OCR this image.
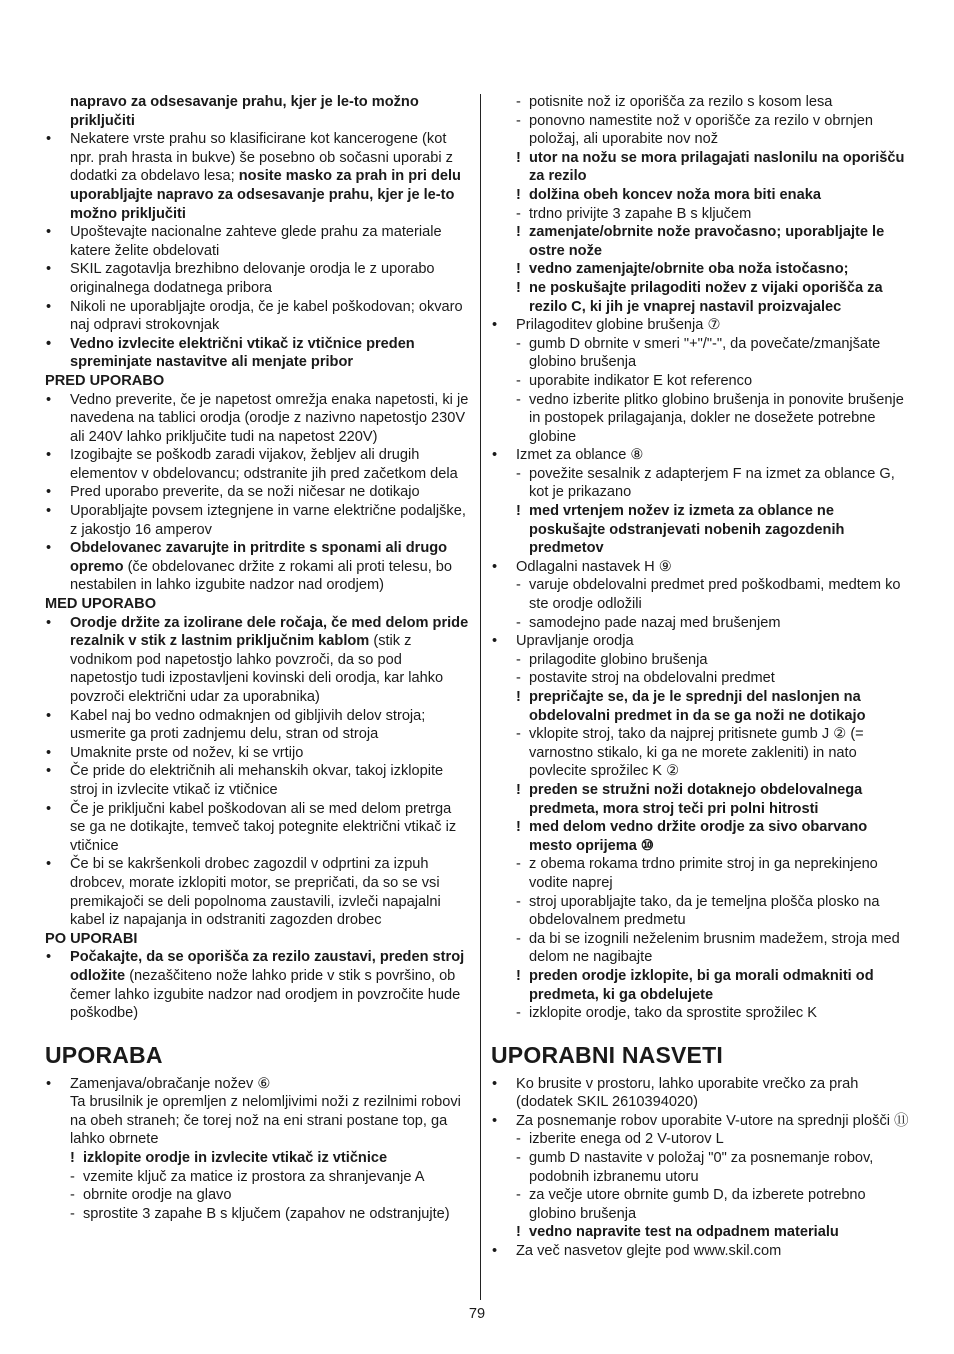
napravo za odsesavanje prahu, kjer je le-to možno priključiti
• Nekatere vrste prahu so klasificirane kot kancerogene (kot npr. prah hrasta in bukve) še posebno ob sočasni uporabi z dodatki za obdelavo lesa; nosite masko za prah in pri delu uporabljajte napravo za odsesavanje prahu, kjer je le-to možno priključiti
• Upoštevajte nacionalne zahteve glede prahu za materiale katere želite obdelovati
• SKIL zagotavlja brezhibno delovanje orodja le z uporabo originalnega dodatnega pribora
• Nikoli ne uporabljajte orodja, če je kabel poškodovan; okvaro naj odpravi strokovnjak
• Vedno izvlecite električni vtikač iz vtičnice preden spreminjate nastavitve ali menjate pribor
PRED UPORABO
• Vedno preverite, če je napetost omrežja enaka napetosti, ki je navedena na tablici orodja (orodje z nazivno napetostjo 230V ali 240V lahko priključite tudi na napetost 220V)
• Izogibajte se poškodb zaradi vijakov, žebljev ali drugih elementov v obdelovancu; odstranite jih pred začetkom dela
• Pred uporabo preverite, da se noži ničesar ne dotikajo
• Uporabljajte povsem iztegnjene in varne električne podaljške, z jakostjo 16 amperov
• Obdelovanec zavarujte in pritrdite s sponami ali drugo opremo (če obdelovanec držite z rokami ali proti telesu, bo nestabilen in lahko izgubite nadzor nad orodjem)
MED UPORABO
• Orodje držite za izolirane dele ročaja, če med delom pride rezalnik v stik z lastnim priključnim kablom (stik z vodnikom pod napetostjo lahko povzroči, da so pod napetostjo tudi izpostavljeni kovinski deli orodja, kar lahko povzroči električni udar za uporabnika)
• Kabel naj bo vedno odmaknjen od gibljivih delov stroja; usmerite ga proti zadnjemu delu, stran od stroja
• Umaknite prste od nožev, ki se vrtijo
• Če pride do električnih ali mehanskih okvar, takoj izklopite stroj in izvlecite vtikač iz vtičnice
• Če je priključni kabel poškodovan ali se med delom pretrga se ga ne dotikajte, temveč takoj potegnite električni vtikač iz vtičnice
• Če bi se kakršenkoli drobec zagozdil v odprtini za izpuh drobcev, morate izklopiti motor, se prepričati, da so se vsi premikajoči se deli popolnoma zaustavili, izvleči napajalni kabel iz napajanja in odstraniti zagozden drobec
PO UPORABI
• Počakajte, da se oporišča za rezilo zaustavi, preden stroj odložite (nezaščiteno nože lahko pride v stik s površino, ob čemer lahko izgubite nadzor nad orodjem in povzročite hude poškodbe)
UPORABA
• Zamenjava/obračanje nožev ⑥
Ta brusilnik je opremljen z nelomljivimi noži z rezilnimi robovi na obeh straneh; če torej nož na eni strani postane top, ga lahko obrnete
! izklopite orodje in izvlecite vtikač iz vtičnice
- vzemite ključ za matice iz prostora za shranjevanje A
- obrnite orodje na glavo
- sprostite 3 zapahe B s ključem (zapahov ne odstranjujte)
- potisnite nož iz oporišča za rezilo s kosom lesa
- ponovno namestite nož v oporišče za rezilo v obrnjen položaj, ali uporabite nov nož
! utor na nožu se mora prilagajati naslonilu na oporišču za rezilo
! dolžina obeh koncev noža mora biti enaka
- trdno privijte 3 zapahe B s ključem
! zamenjate/obrnite nože pravočasno; uporabljajte le ostre nože
! vedno zamenjajte/obrnite oba noža istočasno;
! ne poskušajte prilagoditi nožev z vijaki oporišča za rezilo C, ki jih je vnaprej nastavil proizvajalec
• Prilagoditev globine brušenja ⑦
- gumb D obrnite v smeri "+"/"-", da povečate/zmanjšate globino brušenja
- uporabite indikator E kot referenco
- vedno izberite plitko globino brušenja in ponovite brušenje in postopek prilagajanja, dokler ne dosežete potrebne globine
• Izmet za oblance ⑧
- povežite sesalnik z adapterjem F na izmet za oblance G, kot je prikazano
! med vrtenjem nožev iz izmeta za oblance ne poskušajte odstranjevati nobenih zagozdenih predmetov
• Odlagalni nastavek H ⑨
- varuje obdelovalni predmet pred poškodbami, medtem ko ste orodje odložili
- samodejno pade nazaj med brušenjem
• Upravljanje orodja
- prilagodite globino brušenja
- postavite stroj na obdelovalni predmet
! prepričajte se, da je le sprednji del naslonjen na obdelovalni predmet in da se ga noži ne dotikajo
- vklopite stroj, tako da najprej pritisnete gumb J ② (= varnostno stikalo, ki ga ne morete zakleniti) in nato povlecite sprožilec K ②
! preden se stružni noži dotaknejo obdelovalnega predmeta, mora stroj teči pri polni hitrosti
! med delom vedno držite orodje za sivo obarvano mesto oprijema ⑩
- z obema rokama trdno primite stroj in ga neprekinjeno vodite naprej
- stroj uporabljajte tako, da je temeljna plošča plosko na obdelovalnem predmetu
- da bi se izognili neželenim brusnim madežem, stroja med delom ne nagibajte
! preden orodje izklopite, bi ga morali odmakniti od predmeta, ki ga obdelujete
- izklopite orodje, tako da sprostite sprožilec K
UPORABNI NASVETI
• Ko brusite v prostoru, lahko uporabite vrečko za prah (dodatek SKIL 2610394020)
• Za posnemanje robov uporabite V-utore na sprednji plošči ⑪
- izberite enega od 2 V-utorov L
- gumb D nastavite v položaj "0" za posnemanje robov, podobnih izbranemu utoru
- za večje utore obrnite gumb D, da izberete potrebno globino brušenja
! vedno napravite test na odpadnem materialu
• Za več nasvetov glejte pod www.skil.com
79
